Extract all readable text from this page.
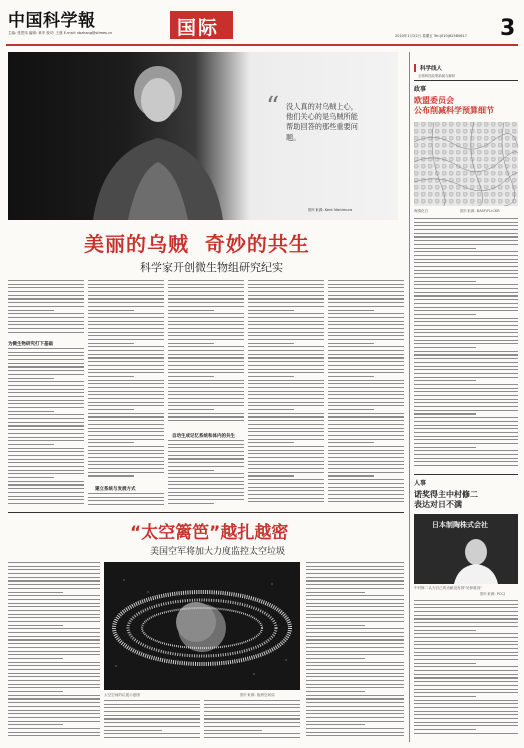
中国科学報	国际
主编: 张思玮 编辑: 黄辛 校对: 王康 E-mail: xbzhang@stimes.cn
2010年1月22日 星期五 Tel:(010)62580617 3
“ 没人真的对乌贼上心，他们关心的是乌贼所能帮助回答的那些重要问题。
图片来源: Kent Nishimura
美丽的乌贼  奇妙的共生
科学家开创微生物组研究纪实
为微生物研究打下基础
建立系统与发展方式
自动生成记忆系统和体内的共生
科学线人
全球科技政策新闻与解析
政事
欧盟委员会
公布削减科学预算细节
海绵化石	图片来源: BASF/FLICKR
人事
诺奖得主中村修二
表达对日不满
日本制陶株式会社
中村修二认为自己的贡献没有被"足够重视"
图片来源: PCCJ
“太空篱笆”越扎越密
美国空军将加大力度监控太空垃圾
太空空间的垃圾示意图	图片来源: 欧洲空间局
